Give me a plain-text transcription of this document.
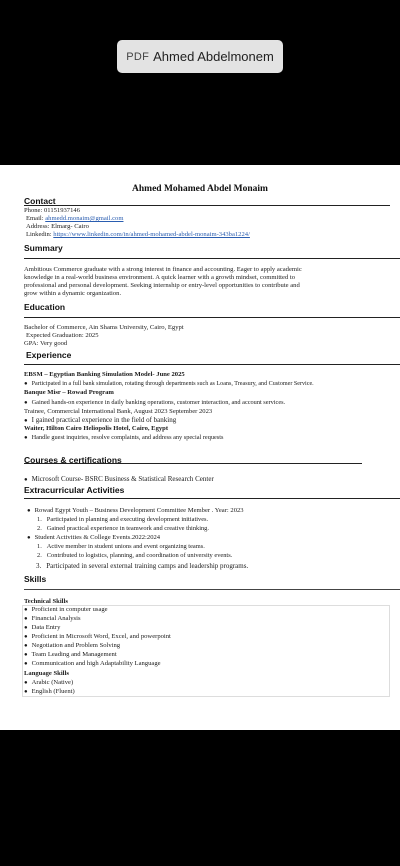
PDF Ahmed Abdelmonem
Ahmed Mohamed Abdel Monaim
Contact
Phone: 01151937146
Email: ahmedd.monaim@gmail.com
Address: Elmarg- Cairo
Linkedin: https://www.linkedin.com/in/ahmed-mohamed-abdel-monaim-343ba1224/
Summary
Ambitious Commerce graduate with a strong interest in finance and accounting. Eager to apply academic
knowledge in a real-world business environment. A quick learner with a growth mindset, committed to
professional and personal development. Seeking internship or entry-level opportunities to contribute and
grow within a dynamic organization.
Education
Bachelor of Commerce, Ain Shams University, Cairo, Egypt
Expected Graduation: 2025
GPA: Very good
Experience
EBSM – Egyptian Banking Simulation Model- June 2025
● Participated in a full bank simulation, rotating through departments such as Loans, Treasury, and Customer Service.
Banque Misr – Rowad Program
● Gained hands-on experience in daily banking operations, customer interaction, and account services.
Trainee, Commercial International Bank, August 2023 September 2023
● I gained practical experience in the field of banking
Waiter, Hilton Cairo Heliopolis Hotel, Cairo, Egypt
● Handle guest inquiries, resolve complaints, and address any special requests
Courses & certifications
● Microsoft Course- BSRC Business & Statistical Research Center
Extracurricular Activities
● Rowad Egypt Youth – Business Development Committee Member . Year: 2023
1. Participated in planning and executing development initiatives.
2. Gained practical experience in teamwork and creative thinking.
● Student Activities & College Events.2022:2024
1. Active member in student unions and event organizing teams.
2. Contributed to logistics, planning, and coordination of university events.
3. Participated in several external training camps and leadership programs.
Skills
Technical Skills
● Proficient in computer usage
● Financial Analysis
● Data Entry
● Proficient in Microsoft Word, Excel, and powerpoint
● Negotiation and Problem Solving
● Team Leading and Management
● Communication and high Adaptability Language
Language Skills
● Arabic (Native)
● English (Fluent)
